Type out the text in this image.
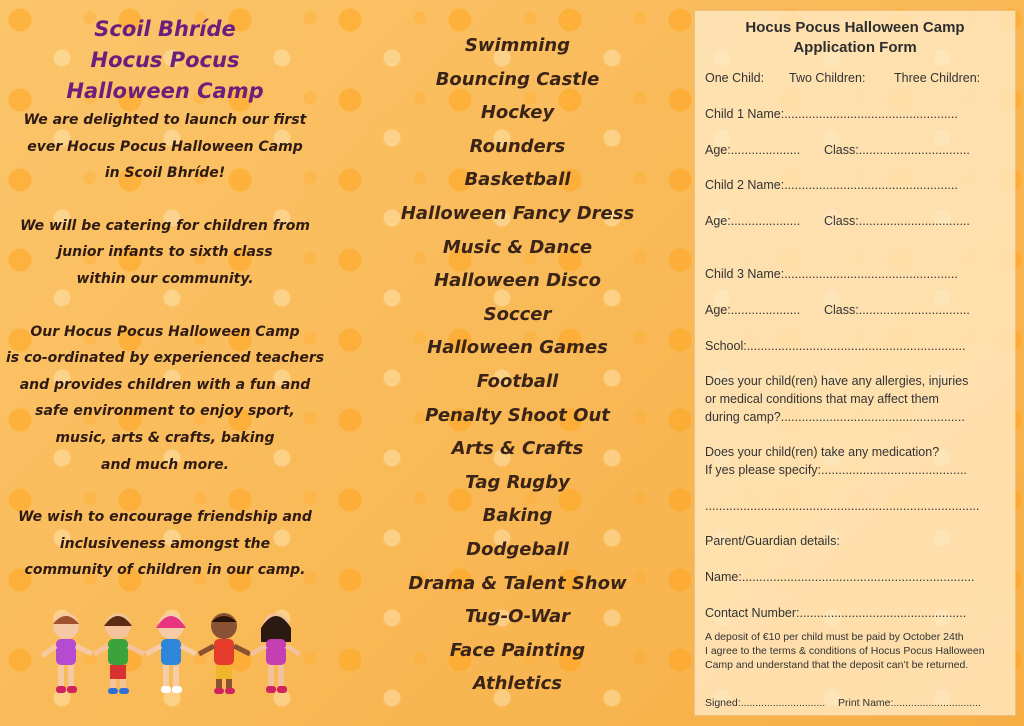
Scoil Bhríde
Hocus Pocus
Halloween Camp

We are delighted to launch our first

ever Hocus Pocus Halloween Camp

in Scoil Bhríde!

We will be catering for children from

junior infants to sixth class

within our community.

Our Hocus Pocus Halloween Camp

is co-ordinated by experienced teachers

and provides children with a fun and

safe environment to enjoy sport,

music, arts & crafts, baking

and much more.

We wish to encourage friendship and

inclusiveness amongst the

community of children in our camp.

Swimming
Bouncing Castle
Hockey
Rounders
Basketball
Halloween Fancy Dress
Music & Dance
Halloween Disco
Soccer
Halloween Games
Football
Penalty Shoot Out
Arts & Crafts
Tag Rugby
Baking
Dodgeball
Drama & Talent Show
Tug-O-War
Face Painting
Athletics
Hocus Pocus Halloween Camp
Application Form
One Child: Two Children: Three Children:
Child 1 Name:..................................................
Age:.................... Class:................................
Child 2 Name:..................................................
Age:.................... Class:................................
Child 3 Name:..................................................
Age:.................... Class:................................
School:...............................................................
Does your child(ren) have any allergies, injuries
or medical conditions that may affect them
during camp?.....................................................
Does your child(ren) take any medication?
If yes please specify:..........................................
...............................................................................
Parent/Guardian details:
Name:...................................................................
Contact Number:................................................
A deposit of €10 per child must be paid by October 24th
I agree to the terms & conditions of Hocus Pocus Halloween
Camp and understand that the deposit can’t be returned.
Signed:............................. Print Name:..............................
